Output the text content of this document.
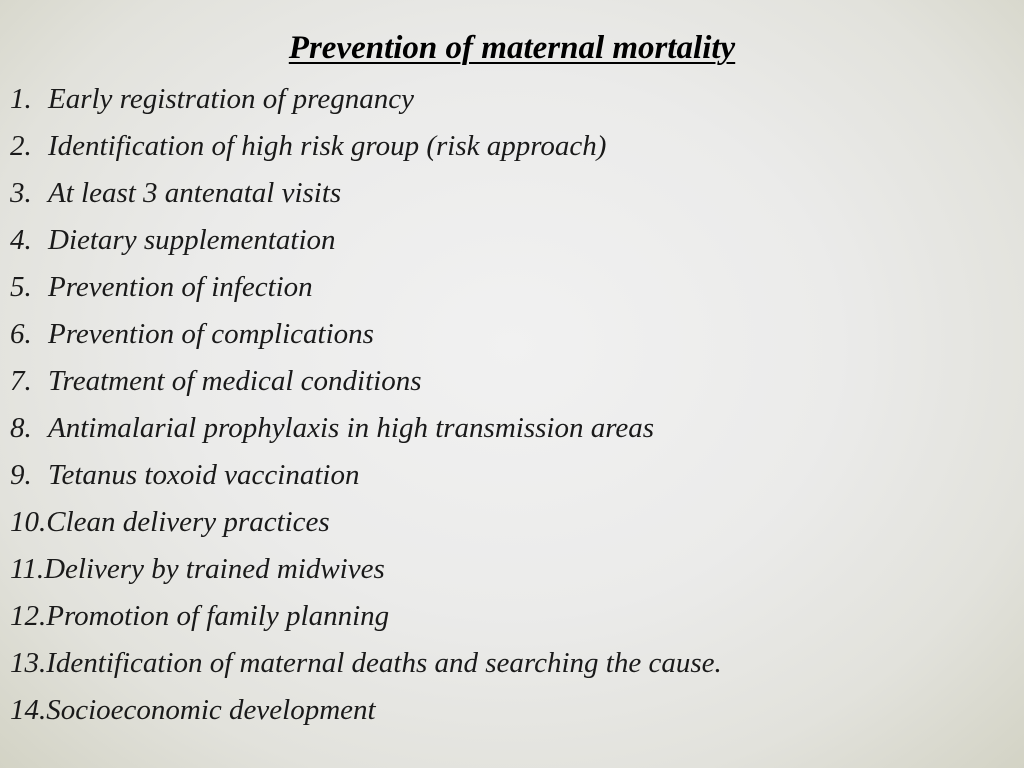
Prevention of maternal mortality
1. Early registration of pregnancy
2. Identification of high risk group (risk approach)
3. At least 3 antenatal visits
4. Dietary supplementation
5. Prevention of infection
6. Prevention of complications
7. Treatment of medical conditions
8. Antimalarial prophylaxis in high transmission areas
9. Tetanus toxoid vaccination
10. Clean delivery practices
11. Delivery by trained midwives
12. Promotion of family planning
13. Identification of maternal deaths and searching the cause.
14. Socioeconomic development
